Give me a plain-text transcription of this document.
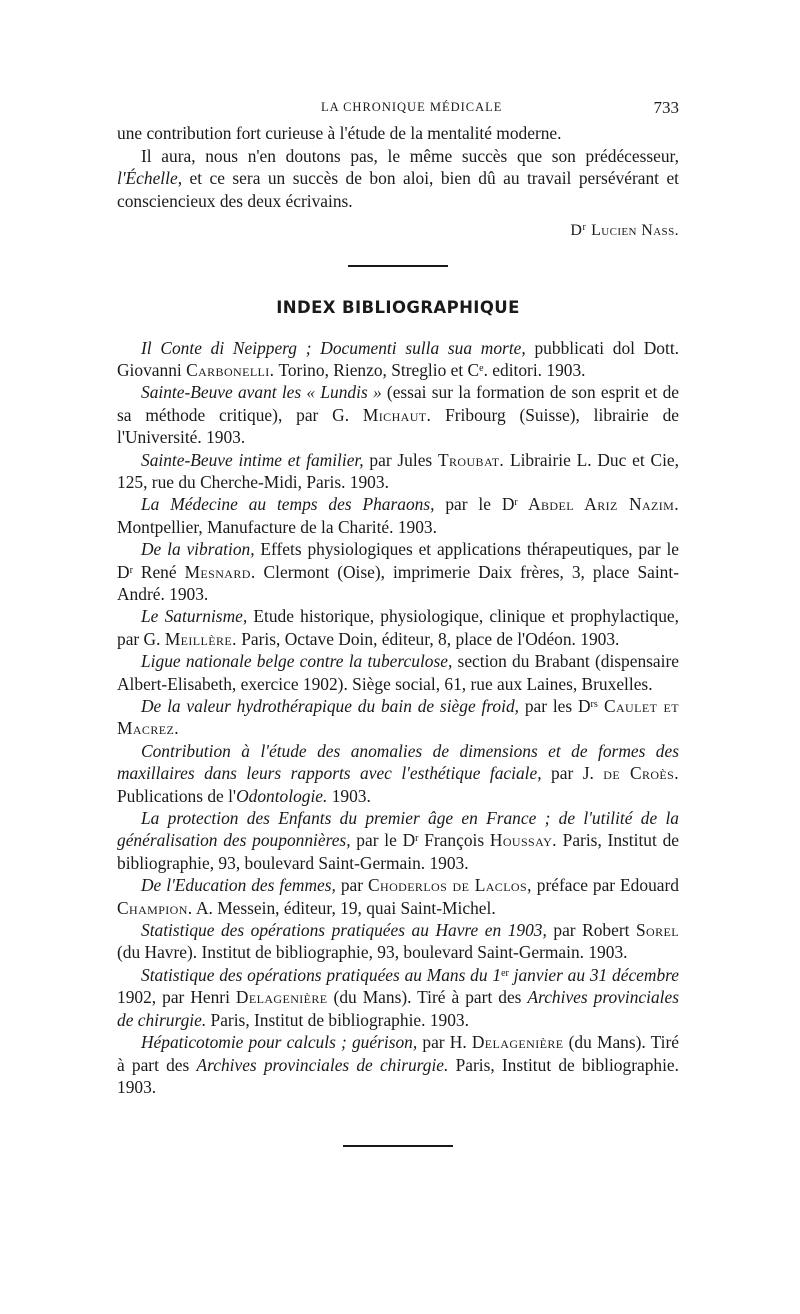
LA CHRONIQUE MÉDICALE	733

une contribution fort curieuse à l'étude de la mentalité moderne.

Il aura, nous n'en doutons pas, le même succès que son prédécesseur, l'Échelle, et ce sera un succès de bon aloi, bien dû au travail persévérant et consciencieux des deux écrivains.

$D^r$ Lucien Nass.
INDEX BIBLIOGRAPHIQUE

Il Conte di Neipperg ; Documenti sulla sua morte, pubblicati dol Dott. Giovanni Carbonelli. Torino, Rienzo, Streglio et Ce. editori. 1903.

Sainte-Beuve avant les « Lundis » (essai sur la formation de son esprit et de sa méthode critique), par G. Michaut. Fribourg (Suisse), librairie de l'Université. 1903.

Sainte-Beuve intime et familier, par Jules Troubat. Librairie L. Duc et Cie, 125, rue du Cherche-Midi, Paris. 1903.

La Médecine au temps des Pharaons, par le $D^r$ Abdel Ariz Nazim. Montpellier, Manufacture de la Charité. 1903.

De la vibration, Effets physiologiques et applications thérapeutiques, par le $D^r$ René Mesnard. Clermont (Oise), imprimerie Daix frères, 3, place Saint-André. 1903.

Le Saturnisme, Etude historique, physiologique, clinique et prophylactique, par G. Meillère. Paris, Octave Doin, éditeur, 8, place de l'Odéon. 1903.

Ligue nationale belge contre la tuberculose, section du Brabant (dispensaire Albert-Elisabeth, exercice 1902). Siège social, 61, rue aux Laines, Bruxelles.

De la valeur hydrothérapique du bain de siège froid, par les $D^{rs}$ Caulet et Macrez.

Contribution à l'étude des anomalies de dimensions et de formes des maxillaires dans leurs rapports avec l'esthétique faciale, par J. de Croès. Publications de l'Odontologie. 1903.

La protection des Enfants du premier âge en France ; de l'utilité de la généralisation des pouponnières, par le $D^r$ François Houssay. Paris, Institut de bibliographie, 93, boulevard Saint-Germain. 1903.

De l'Education des femmes, par Choderlos de Laclos, préface par Edouard Champion. A. Messein, éditeur, 19, quai Saint-Michel.

Statistique des opérations pratiquées au Havre en 1903, par Robert Sorel (du Havre). Institut de bibliographie, 93, boulevard Saint-Germain. 1903.

Statistique des opérations pratiquées au Mans du 1er janvier au 31 décembre 1902, par Henri Delagenière (du Mans). Tiré à part des Archives provinciales de chirurgie. Paris, Institut de bibliographie. 1903.

Hépaticotomie pour calculs ; guérison, par H. Delagenière (du Mans). Tiré à part des Archives provinciales de chirurgie. Paris, Institut de bibliographie. 1903.
